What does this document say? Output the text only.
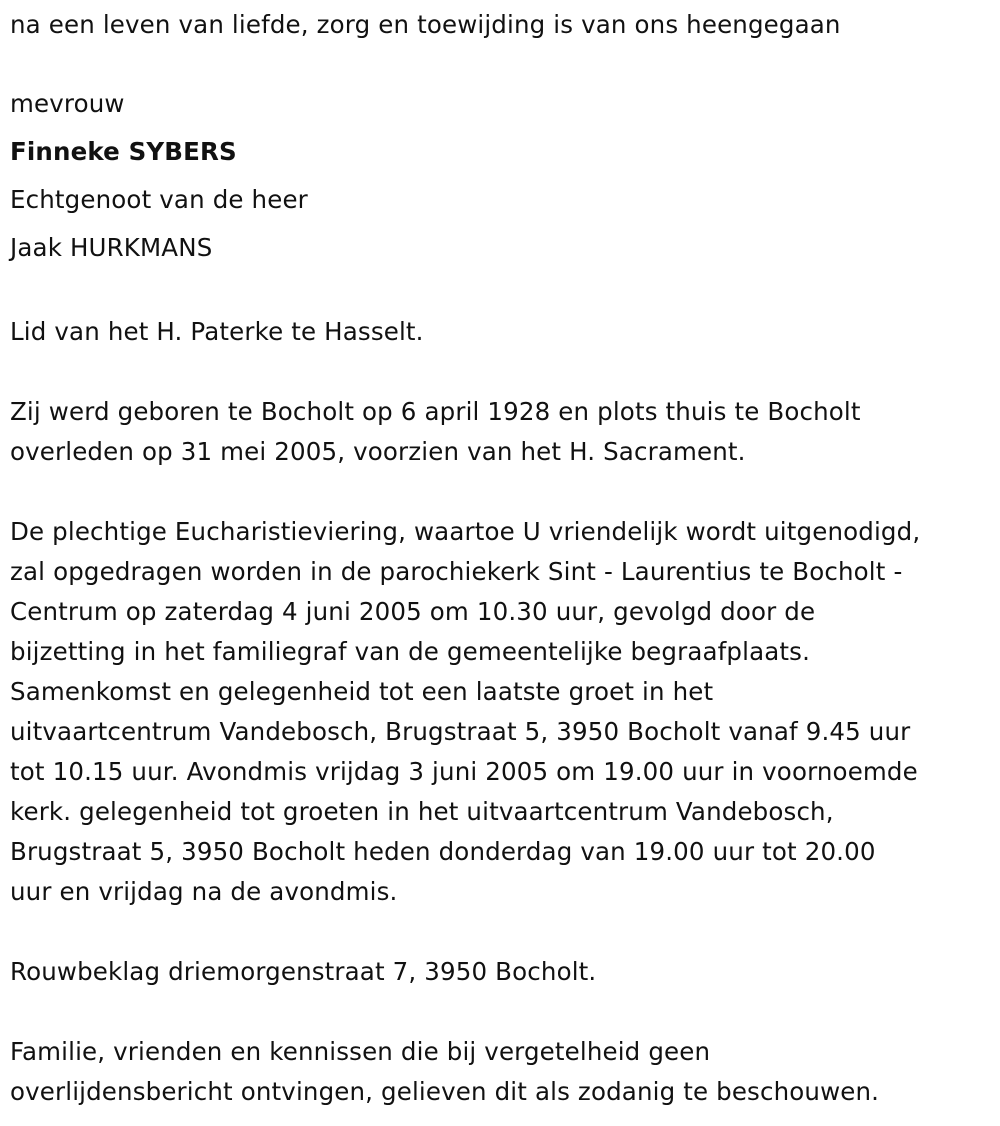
na een leven van liefde, zorg en toewijding is van ons heengegaan
mevrouw
Finneke SYBERS
Echtgenoot van de heer
Jaak HURKMANS
Lid van het H. Paterke te Hasselt.
Zij werd geboren te Bocholt op 6 april 1928 en plots thuis te Bocholt
overleden op 31 mei 2005, voorzien van het H. Sacrament.
De plechtige Eucharistieviering, waartoe U vriendelijk wordt uitgenodigd,
zal opgedragen worden in de parochiekerk Sint - Laurentius te Bocholt -
Centrum op zaterdag 4 juni 2005 om 10.30 uur, gevolgd door de
bijzetting in het familiegraf van de gemeentelijke begraafplaats.
Samenkomst en gelegenheid tot een laatste groet in het
uitvaartcentrum Vandebosch, Brugstraat 5, 3950 Bocholt vanaf 9.45 uur
tot 10.15 uur. Avondmis vrijdag 3 juni 2005 om 19.00 uur in voornoemde
kerk. gelegenheid tot groeten in het uitvaartcentrum Vandebosch,
Brugstraat 5, 3950 Bocholt heden donderdag van 19.00 uur tot 20.00
uur en vrijdag na de avondmis.
Rouwbeklag driemorgenstraat 7, 3950 Bocholt.
Familie, vrienden en kennissen die bij vergetelheid geen
overlijdensbericht ontvingen, gelieven dit als zodanig te beschouwen.
